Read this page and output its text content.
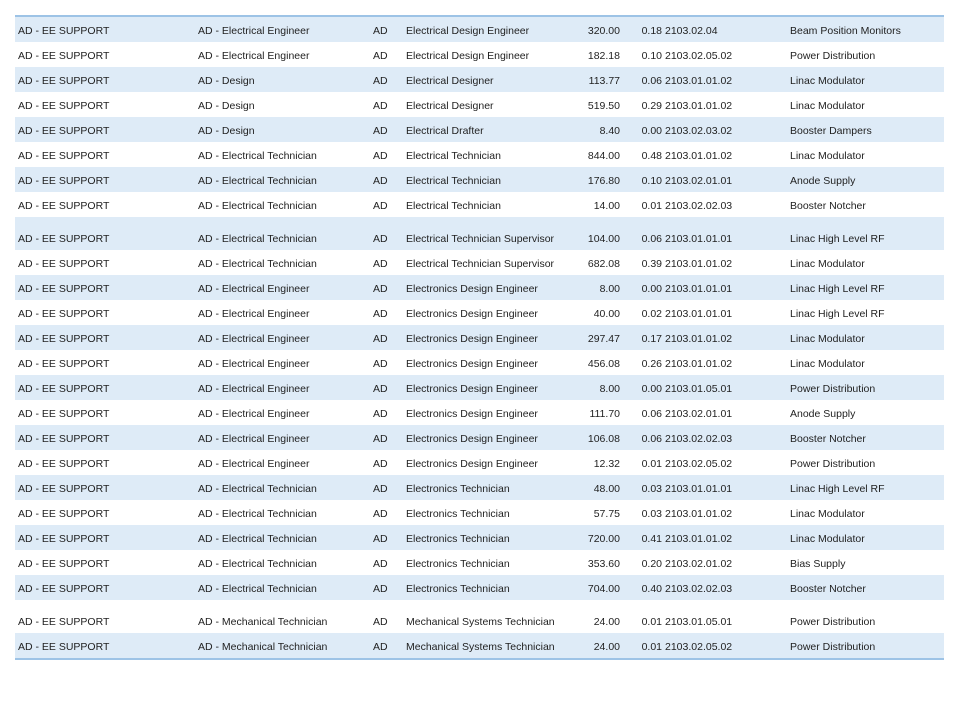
AD - EE SUPPORT	AD - Electrical Engineer	AD Electrical Design Engineer	320.00 0.18 2103.02.04	Beam Position Monitors
AD - EE SUPPORT	AD - Electrical Engineer	AD Electrical Design Engineer	182.18 0.10 2103.02.05.02	Power Distribution
AD - EE SUPPORT	AD - Design	AD Electrical Designer	113.77 0.06 2103.01.01.02	Linac Modulator
AD - EE SUPPORT	AD - Design	AD Electrical Designer	519.50 0.29 2103.01.01.02	Linac Modulator
AD - EE SUPPORT	AD - Design	AD Electrical Drafter	8.40 0.00 2103.02.03.02	Booster Dampers
AD - EE SUPPORT	AD - Electrical Technician	AD Electrical Technician	844.00 0.48 2103.01.01.02	Linac Modulator
AD - EE SUPPORT	AD - Electrical Technician	AD Electrical Technician	176.80 0.10 2103.02.01.01	Anode Supply
AD - EE SUPPORT	AD - Electrical Technician	AD Electrical Technician	14.00 0.01 2103.02.02.03	Booster Notcher
AD - EE SUPPORT	AD - Electrical Technician	AD Electrical Technician Supervisor	104.00 0.06 2103.01.01.01	Linac High Level RF
AD - EE SUPPORT	AD - Electrical Technician	AD Electrical Technician Supervisor	682.08 0.39 2103.01.01.02	Linac Modulator
AD - EE SUPPORT	AD - Electrical Engineer	AD Electronics Design Engineer	8.00 0.00 2103.01.01.01	Linac High Level RF
AD - EE SUPPORT	AD - Electrical Engineer	AD Electronics Design Engineer	40.00 0.02 2103.01.01.01	Linac High Level RF
AD - EE SUPPORT	AD - Electrical Engineer	AD Electronics Design Engineer	297.47 0.17 2103.01.01.02	Linac Modulator
AD - EE SUPPORT	AD - Electrical Engineer	AD Electronics Design Engineer	456.08 0.26 2103.01.01.02	Linac Modulator
AD - EE SUPPORT	AD - Electrical Engineer	AD Electronics Design Engineer	8.00 0.00 2103.01.05.01	Power Distribution
AD - EE SUPPORT	AD - Electrical Engineer	AD Electronics Design Engineer	111.70 0.06 2103.02.01.01	Anode Supply
AD - EE SUPPORT	AD - Electrical Engineer	AD Electronics Design Engineer	106.08 0.06 2103.02.02.03	Booster Notcher
AD - EE SUPPORT	AD - Electrical Engineer	AD Electronics Design Engineer	12.32 0.01 2103.02.05.02	Power Distribution
AD - EE SUPPORT	AD - Electrical Technician	AD Electronics Technician	48.00 0.03 2103.01.01.01	Linac High Level RF
AD - EE SUPPORT	AD - Electrical Technician	AD Electronics Technician	57.75 0.03 2103.01.01.02	Linac Modulator
AD - EE SUPPORT	AD - Electrical Technician	AD Electronics Technician	720.00 0.41 2103.01.01.02	Linac Modulator
AD - EE SUPPORT	AD - Electrical Technician	AD Electronics Technician	353.60 0.20 2103.02.01.02	Bias Supply
AD - EE SUPPORT	AD - Electrical Technician	AD Electronics Technician	704.00 0.40 2103.02.02.03	Booster Notcher
AD - EE SUPPORT	AD - Mechanical Technician	AD Mechanical Systems Technician	24.00 0.01 2103.01.05.01	Power Distribution
AD - EE SUPPORT	AD - Mechanical Technician	AD Mechanical Systems Technician	24.00 0.01 2103.02.05.02	Power Distribution
